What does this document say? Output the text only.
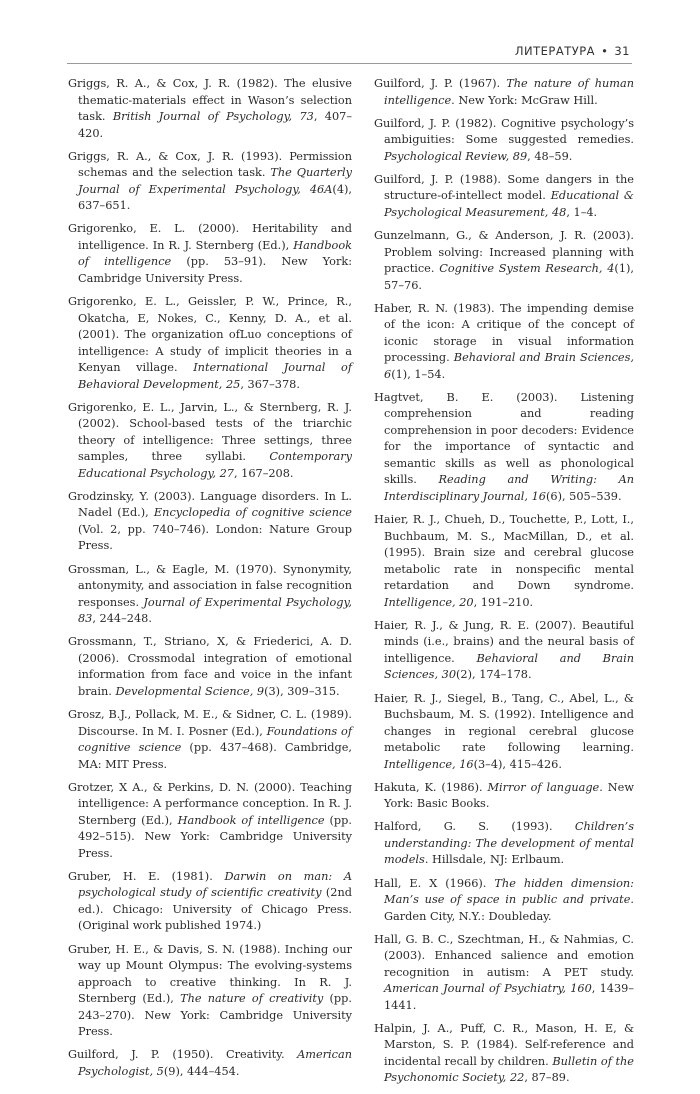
ЛИТЕРАТУРА • 31

Griggs, R. A., & Cox, J. R. (1982). The elusive thematic-materials effect in Wason’s selection task. British Journal of Psychology, 73, 407–420.

Griggs, R. A., & Cox, J. R. (1993). Permission schemas and the selection task. The Quarterly Journal of Experimental Psychology, 46A(4), 637–651.

Grigorenko, E. L. (2000). Heritability and intelligence. In R. J. Sternberg (Ed.), Handbook of intelligence (pp. 53–91). New York: Cambridge University Press.

Grigorenko, E. L., Geissler, P. W., Prince, R., Okatcha, E, Nokes, C., Kenny, D. A., et al. (2001). The organization ofLuo conceptions of intelligence: A study of implicit theories in a Kenyan village. International Journal of Behavioral Development, 25, 367–378.

Grigorenko, E. L., Jarvin, L., & Sternberg, R. J. (2002). School-based tests of the triarchic theory of intelligence: Three settings, three samples, three syllabi. Contemporary Educational Psychology, 27, 167–208.

Grodzinsky, Y. (2003). Language disorders. In L. Nadel (Ed.), Encyclopedia of cognitive science (Vol. 2, pp. 740–746). London: Nature Group Press.

Grossman, L., & Eagle, M. (1970). Synonymity, antonymity, and association in false recognition responses. Journal of Experimental Psychology, 83, 244–248.

Grossmann, T., Striano, X, & Friederici, A. D. (2006). Crossmodal integration of emotional information from face and voice in the infant brain. Developmental Science, 9(3), 309–315.

Grosz, B.J., Pollack, M. E., & Sidner, C. L. (1989). Discourse. In M. I. Posner (Ed.), Foundations of cognitive science (pp. 437–468). Cambridge, MA: MIT Press.

Grotzer, X A., & Perkins, D. N. (2000). Teaching intelligence: A performance conception. In R. J. Sternberg (Ed.), Handbook of intelligence (pp. 492–515). New York: Cambridge University Press.

Gruber, H. E. (1981). Darwin on man: A psychological study of scientific creativity (2nd ed.). Chicago: University of Chicago Press. (Original work published 1974.)

Gruber, H. E., & Davis, S. N. (1988). Inching our way up Mount Olympus: The evolving-systems approach to creative thinking. In R. J. Sternberg (Ed.), The nature of creativity (pp. 243–270). New York: Cambridge University Press.

Guilford, J. P. (1950). Creativity. American Psychologist, 5(9), 444–454.

Guilford, J. P. (1967). The nature of human intelligence. New York: McGraw Hill.

Guilford, J. P. (1982). Cognitive psychology’s ambiguities: Some suggested remedies. Psychological Review, 89, 48–59.

Guilford, J. P. (1988). Some dangers in the structure-of-intellect model. Educational & Psychological Measurement, 48, 1–4.

Gunzelmann, G., & Anderson, J. R. (2003). Problem solving: Increased planning with practice. Cognitive System Research, 4(1), 57–76.

Haber, R. N. (1983). The impending demise of the icon: A critique of the concept of iconic storage in visual information processing. Behavioral and Brain Sciences, 6(1), 1–54.

Hagtvet, B. E. (2003). Listening comprehension and reading comprehension in poor decoders: Evidence for the importance of syntactic and semantic skills as well as phonological skills. Reading and Writing: An Interdisciplinary Journal, 16(6), 505–539.

Haier, R. J., Chueh, D., Touchette, P., Lott, I., Buchbaum, M. S., MacMillan, D., et al. (1995). Brain size and cerebral glucose metabolic rate in nonspecific mental retardation and Down syndrome. Intelligence, 20, 191–210.

Haier, R. J., & Jung, R. E. (2007). Beautiful minds (i.e., brains) and the neural basis of intelligence. Behavioral and Brain Sciences, 30(2), 174–178.

Haier, R. J., Siegel, B., Tang, C., Abel, L., & Buchsbaum, M. S. (1992). Intelligence and changes in regional cerebral glucose metabolic rate following learning. Intelligence, 16(3–4), 415–426.

Hakuta, K. (1986). Mirror of language. New York: Basic Books.

Halford, G. S. (1993). Children’s understanding: The development of mental models. Hillsdale, NJ: Erlbaum.

Hall, E. X (1966). The hidden dimension: Man’s use of space in public and private. Garden City, N.Y.: Doubleday.

Hall, G. B. C., Szechtman, H., & Nahmias, C. (2003). Enhanced salience and emotion recognition in autism: A PET study. American Journal of Psychiatry, 160, 1439–1441.

Halpin, J. A., Puff, C. R., Mason, H. E, & Marston, S. P. (1984). Self-reference and incidental recall by children. Bulletin of the Psychonomic Society, 22, 87–89.
